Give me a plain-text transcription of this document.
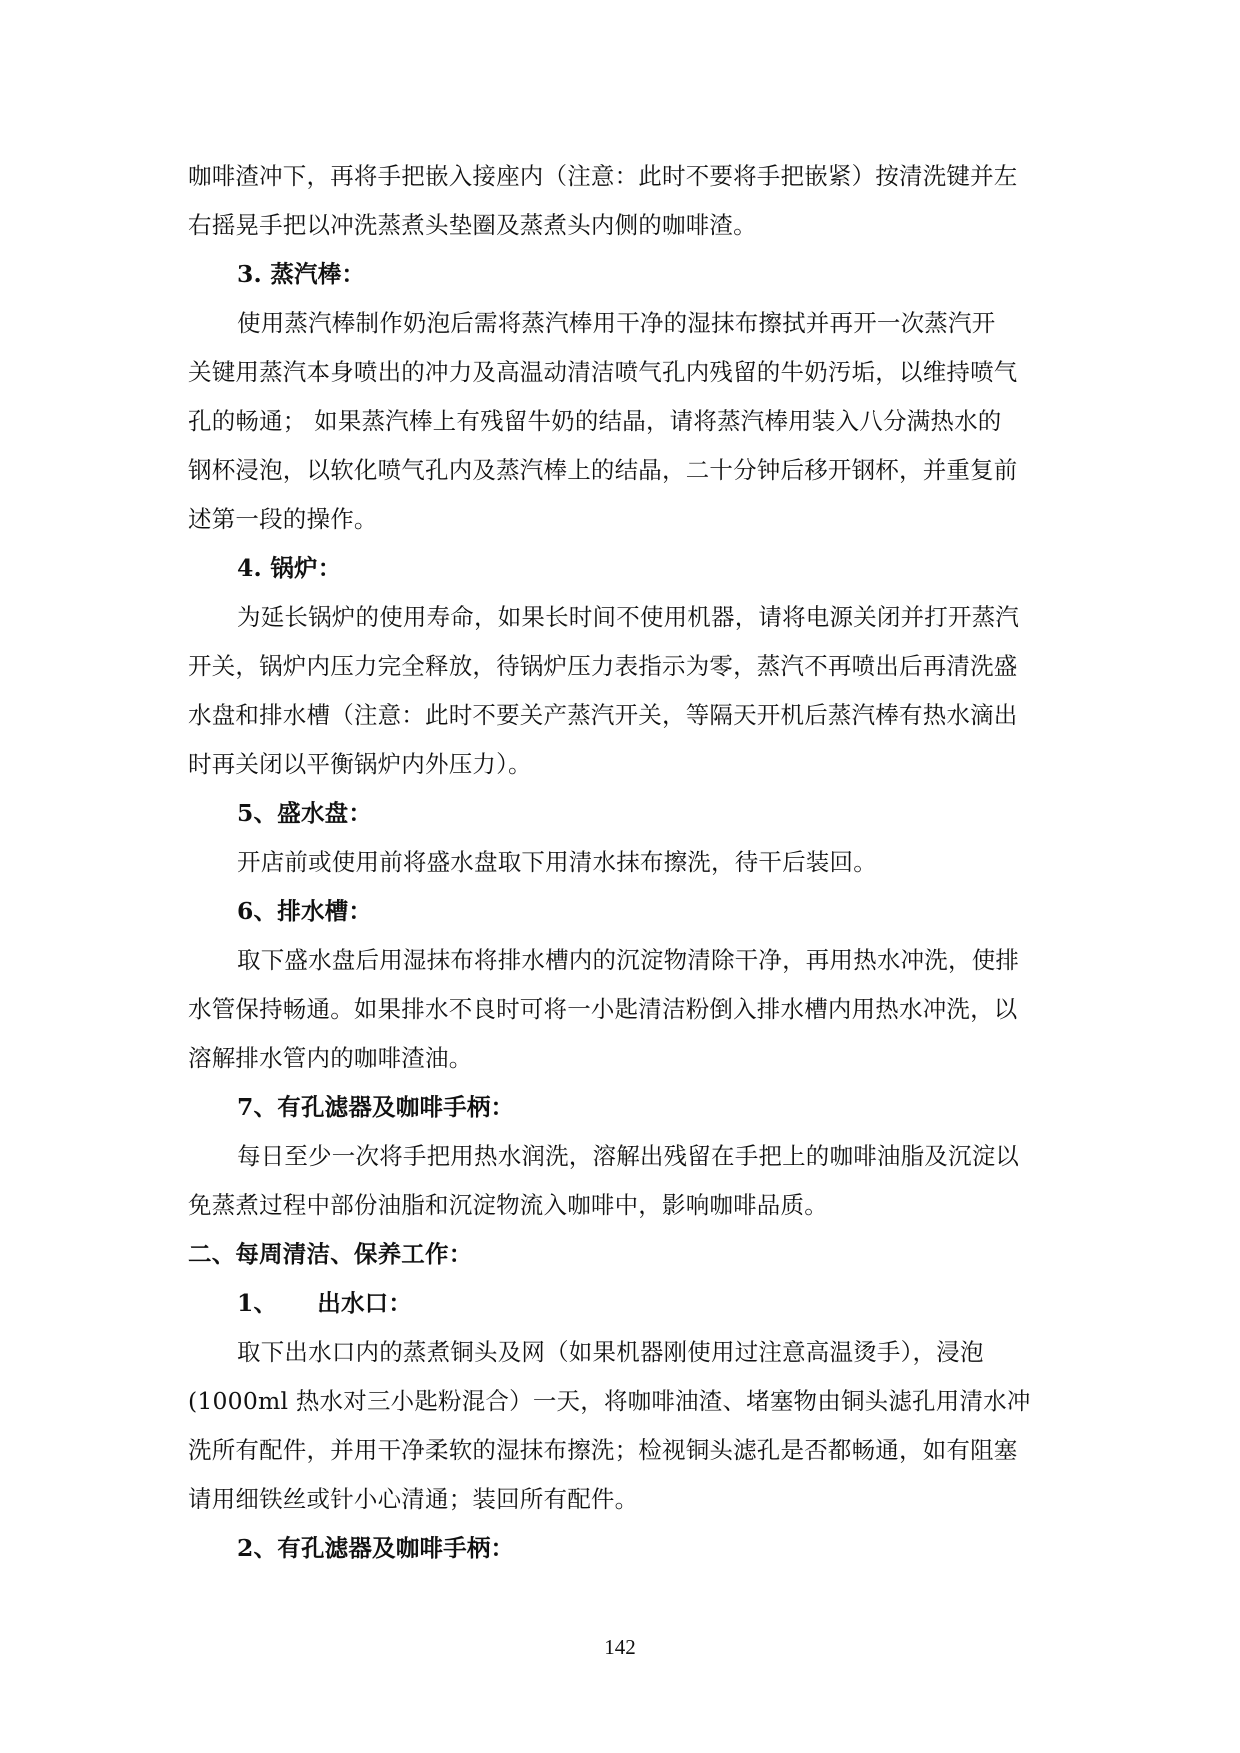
咖啡渣冲下，再将手把嵌入接座内（注意：此时不要将手把嵌紧）按清洗键并左
右摇晃手把以冲洗蒸煮头垫圈及蒸煮头内侧的咖啡渣。
3. 蒸汽棒：
使用蒸汽棒制作奶泡后需将蒸汽棒用干净的湿抹布擦拭并再开一次蒸汽开
关键用蒸汽本身喷出的冲力及高温动清洁喷气孔内残留的牛奶汚垢，以维持喷气
孔的畅通； 如果蒸汽棒上有残留牛奶的结晶，请将蒸汽棒用装入八分满热水的
钢杯浸泡，以软化喷气孔内及蒸汽棒上的结晶，二十分钟后移开钢杯，并重复前
述第一段的操作。
4. 锅炉：
为延长锅炉的使用寿命，如果长时间不使用机器，请将电源关闭并打开蒸汽
开关，锅炉内压力完全释放，待锅炉压力表指示为零，蒸汽不再喷出后再清洗盛
水盘和排水槽（注意：此时不要关产蒸汽开关，等隔天开机后蒸汽棒有热水滴出
时再关闭以平衡锅炉内外压力）。
5、盛水盘：
开店前或使用前将盛水盘取下用清水抹布擦洗，待干后装回。
6、排水槽：
取下盛水盘后用湿抹布将排水槽内的沉淀物清除干净，再用热水冲洗，使排
水管保持畅通。如果排水不良时可将一小匙清洁粉倒入排水槽内用热水冲洗，以
溶解排水管内的咖啡渣油。
7、有孔滤器及咖啡手柄：
每日至少一次将手把用热水润洗，溶解出残留在手把上的咖啡油脂及沉淀以
免蒸煮过程中部份油脂和沉淀物流入咖啡中，影响咖啡品质。
二、每周清洁、保养工作：
1、 出水口：
取下出水口内的蒸煮铜头及网（如果机器刚使用过注意高温烫手），浸泡
(1000ml 热水对三小匙粉混合）一天，将咖啡油渣、堵塞物由铜头滤孔用清水冲
洗所有配件，并用干净柔软的湿抹布擦洗；检视铜头滤孔是否都畅通，如有阻塞
请用细铁丝或针小心清通；装回所有配件。
2、有孔滤器及咖啡手柄：
142
